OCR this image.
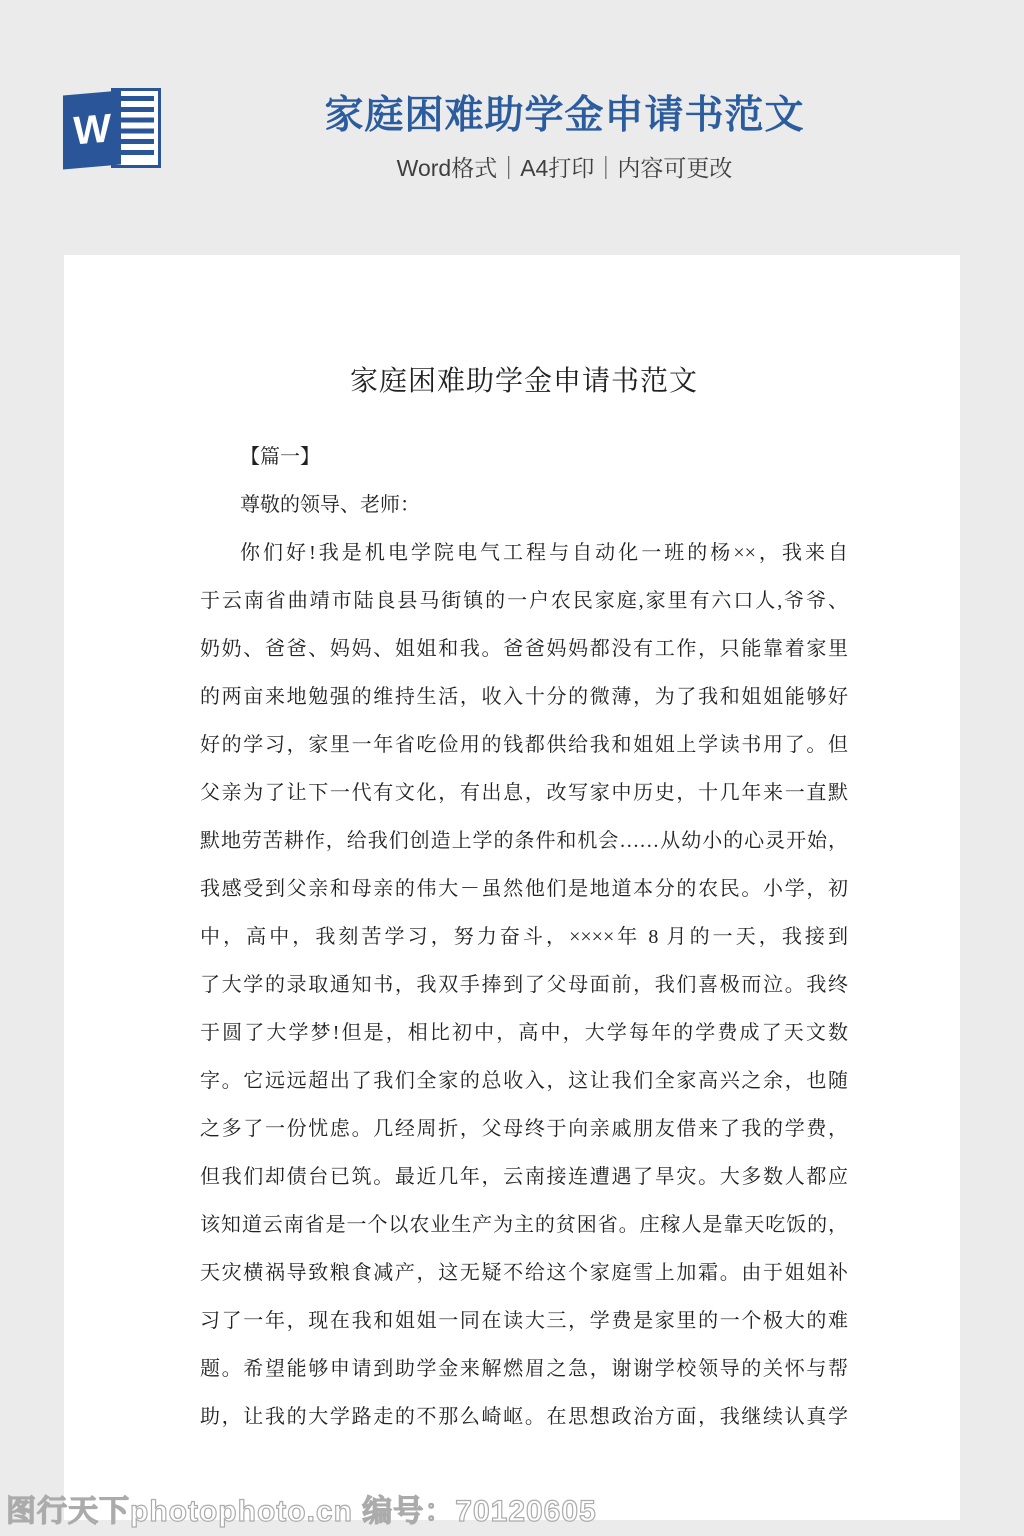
W	家庭困难助学金申请书范文
Word格式｜A4打印｜内容可更改
家庭困难助学金申请书范文
【篇一】
尊敬的领导、老师：
你们好!我是机电学院电气工程与自动化一班的杨××，我来自
于云南省曲靖市陆良县马街镇的一户农民家庭,家里有六口人,爷爷、
奶奶、爸爸、妈妈、姐姐和我。爸爸妈妈都没有工作，只能靠着家里
的两亩来地勉强的维持生活，收入十分的微薄，为了我和姐姐能够好
好的学习，家里一年省吃俭用的钱都供给我和姐姐上学读书用了。但
父亲为了让下一代有文化，有出息，改写家中历史，十几年来一直默
默地劳苦耕作，给我们创造上学的条件和机会……从幼小的心灵开始，
我感受到父亲和母亲的伟大－虽然他们是地道本分的农民。小学，初
中，高中，我刻苦学习，努力奋斗，××××年 8 月的一天，我接到
了大学的录取通知书，我双手捧到了父母面前，我们喜极而泣。我终
于圆了大学梦!但是，相比初中，高中，大学每年的学费成了天文数
字。它远远超出了我们全家的总收入，这让我们全家高兴之余，也随
之多了一份忧虑。几经周折，父母终于向亲戚朋友借来了我的学费，
但我们却债台已筑。最近几年，云南接连遭遇了旱灾。大多数人都应
该知道云南省是一个以农业生产为主的贫困省。庄稼人是靠天吃饭的，
天灾横祸导致粮食减产，这无疑不给这个家庭雪上加霜。由于姐姐补
习了一年，现在我和姐姐一同在读大三，学费是家里的一个极大的难
题。希望能够申请到助学金来解燃眉之急，谢谢学校领导的关怀与帮
助，让我的大学路走的不那么崎岖。在思想政治方面，我继续认真学
图行天下photophoto.cn 编号：70120605
